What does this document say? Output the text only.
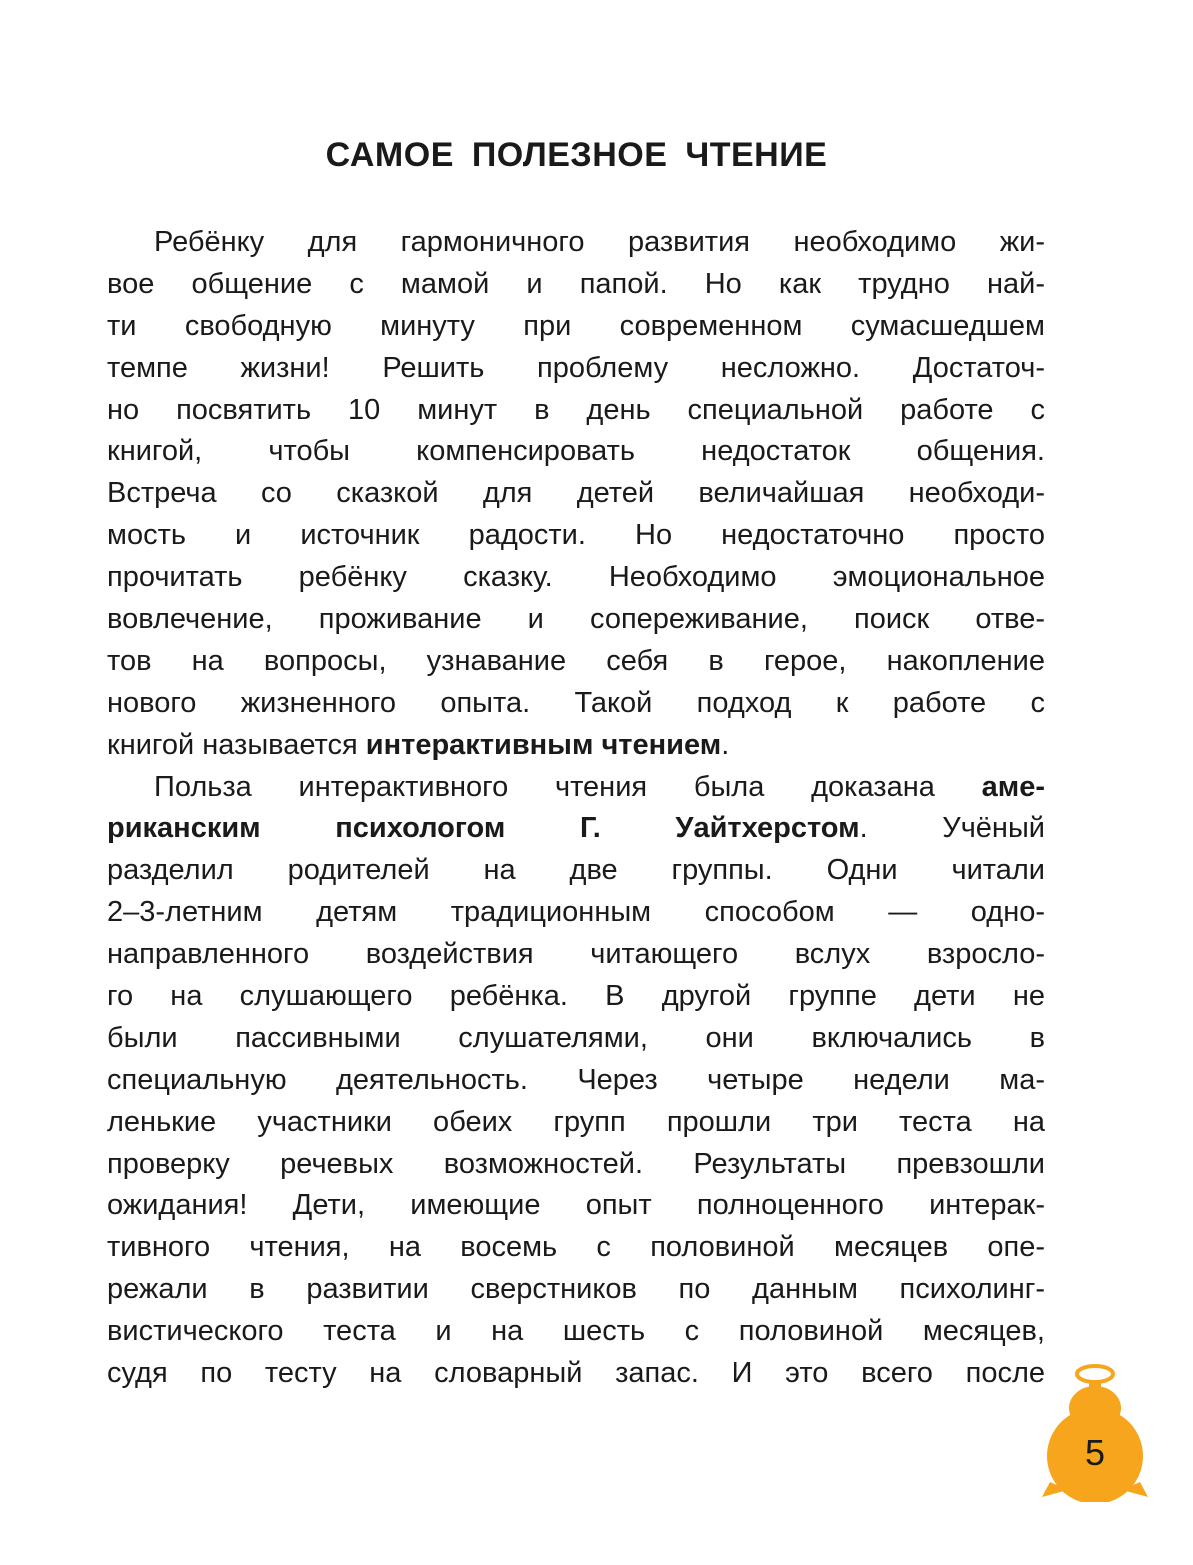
САМОЕ ПОЛЕЗНОЕ ЧТЕНИЕ
Ребёнку для гармоничного развития необходимо жи-
вое общение с мамой и папой. Но как трудно най-
ти свободную минуту при современном сумасшедшем
темпе жизни! Решить проблему несложно. Достаточ-
но посвятить 10 минут в день специальной работе с
книгой, чтобы компенсировать недостаток общения.
Встреча со сказкой для детей величайшая необходи-
мость и источник радости. Но недостаточно просто
прочитать ребёнку сказку. Необходимо эмоциональное
вовлечение, проживание и сопереживание, поиск отве-
тов на вопросы, узнавание себя в герое, накопление
нового жизненного опыта. Такой подход к работе с
книгой называется интерактивным чтением.
Польза интерактивного чтения была доказана аме-
риканским психологом Г. Уайтхерстом. Учёный
разделил родителей на две группы. Одни читали
2–3-летним детям традиционным способом — одно-
направленного воздействия читающего вслух взросло-
го на слушающего ребёнка. В другой группе дети не
были пассивными слушателями, они включались в
специальную деятельность. Через четыре недели ма-
ленькие участники обеих групп прошли три теста на
проверку речевых возможностей. Результаты превзошли
ожидания! Дети, имеющие опыт полноценного интерак-
тивного чтения, на восемь с половиной месяцев опе-
режали в развитии сверстников по данным психолинг-
вистического теста и на шесть с половиной месяцев,
судя по тесту на словарный запас. И это всего после
5
